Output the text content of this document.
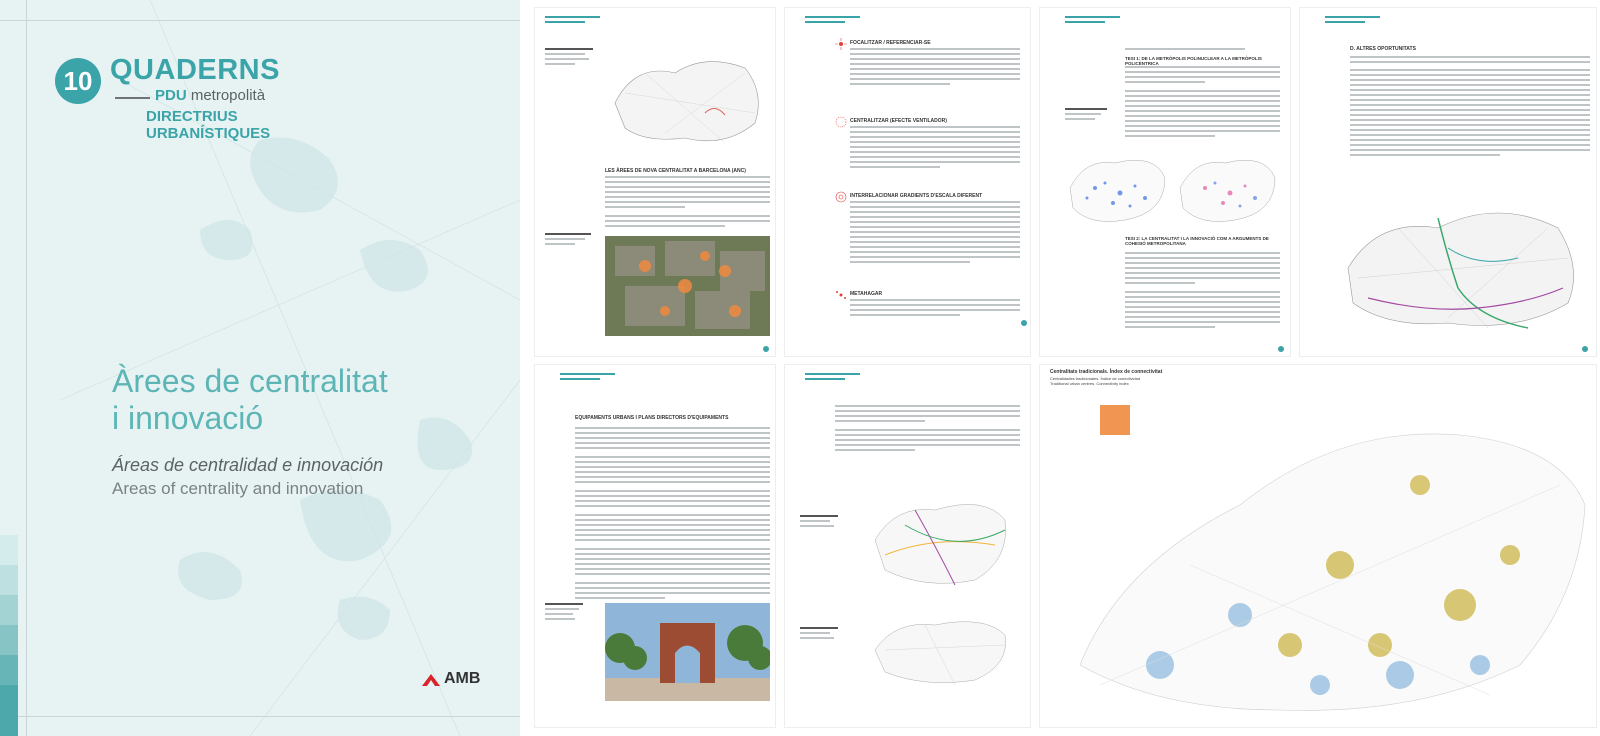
10 QUADERNS
PDU metropolità
DIRECTRIUS
URBANÍSTIQUES
Àrees de centralitat
i innovació
Áreas de centralidad e innovación
Areas of centrality and innovation
AMB
LES ÀREES DE NOVA CENTRALITAT A BARCELONA (ANC)
FOCALITZAR / REFERENCIAR-SE
CENTRALITZAR (EFECTE VENTILADOR)
INTERRELACIONAR GRADIENTS D'ESCALA DIFERENT
METAHAGAR
TESI 1: DE LA METRÒPOLIS POLINUCLEAR A LA METRÒPOLIS POLICÈNTRICA
TESI 2: LA CENTRALITAT I LA INNOVACIÓ COM A ARGUMENTS DE COHESIÓ METROPOLITANA
D. ALTRES OPORTUNITATS
EQUIPAMENTS URBANS I PLANS DIRECTORS D'EQUIPAMENTS
Centralitats tradicionals. Índex de connectivitat
Centralidades tradicionales. Índice de conectividad
Traditional urban centres. Connectivity index
